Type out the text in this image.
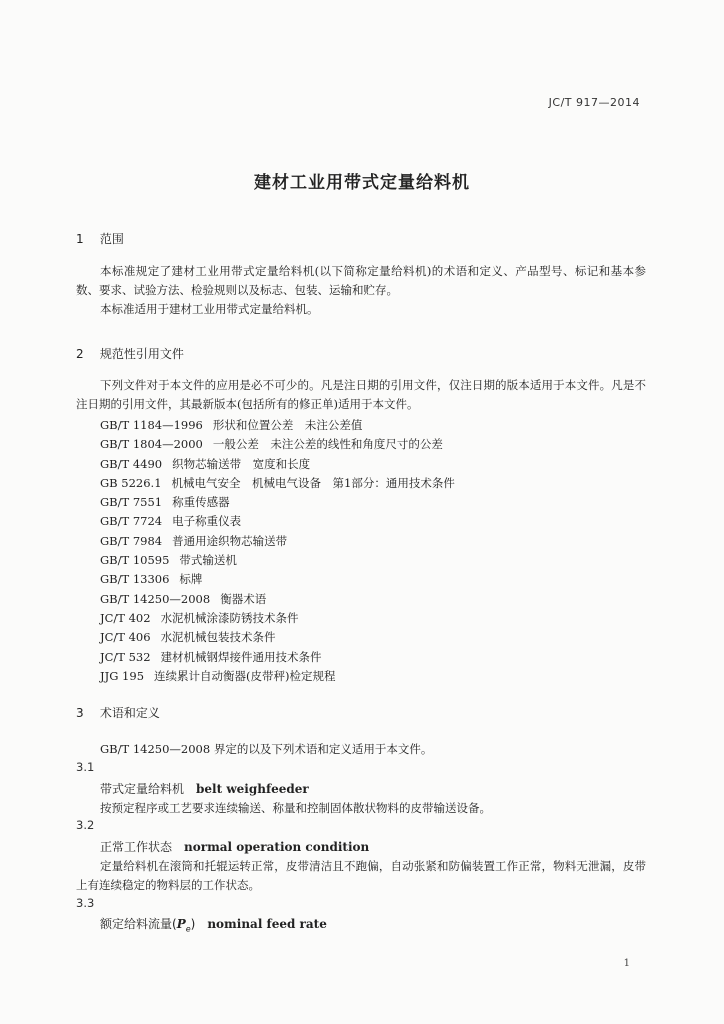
JC/T 917—2014
建材工业用带式定量给料机
1 范围

本标准规定了建材工业用带式定量给料机(以下简称定量给料机)的术语和定义、产品型号、标记和基本参数、要求、试验方法、检验规则以及标志、包装、运输和贮存。

本标准适用于建材工业用带式定量给料机。

2 规范性引用文件

下列文件对于本文件的应用是必不可少的。凡是注日期的引用文件，仅注日期的版本适用于本文件。凡是不注日期的引用文件，其最新版本(包括所有的修正单)适用于本文件。

GB/T 1184—1996 形状和位置公差　未注公差值
GB/T 1804—2000 一般公差　未注公差的线性和角度尺寸的公差
GB/T 4490 织物芯输送带　宽度和长度
GB 5226.1 机械电气安全　机械电气设备　第1部分：通用技术条件
GB/T 7551 称重传感器
GB/T 7724 电子称重仪表
GB/T 7984 普通用途织物芯输送带
GB/T 10595 带式输送机
GB/T 13306 标牌
GB/T 14250—2008 衡器术语
JC/T 402 水泥机械涂漆防锈技术条件
JC/T 406 水泥机械包装技术条件
JC/T 532 建材机械钢焊接件通用技术条件
JJG 195 连续累计自动衡器(皮带秤)检定规程
3 术语和定义

GB/T 14250—2008 界定的以及下列术语和定义适用于本文件。

3.1
带式定量给料机 belt weighfeeder

按预定程序或工艺要求连续输送、称量和控制固体散状物料的皮带输送设备。

3.2
正常工作状态 normal operation condition

定量给料机在滚筒和托辊运转正常，皮带清洁且不跑偏，自动张紧和防偏装置工作正常，物料无泄漏，皮带上有连续稳定的物料层的工作状态。

3.3
额定给料流量$(P_e)$ nominal feed rate
1
